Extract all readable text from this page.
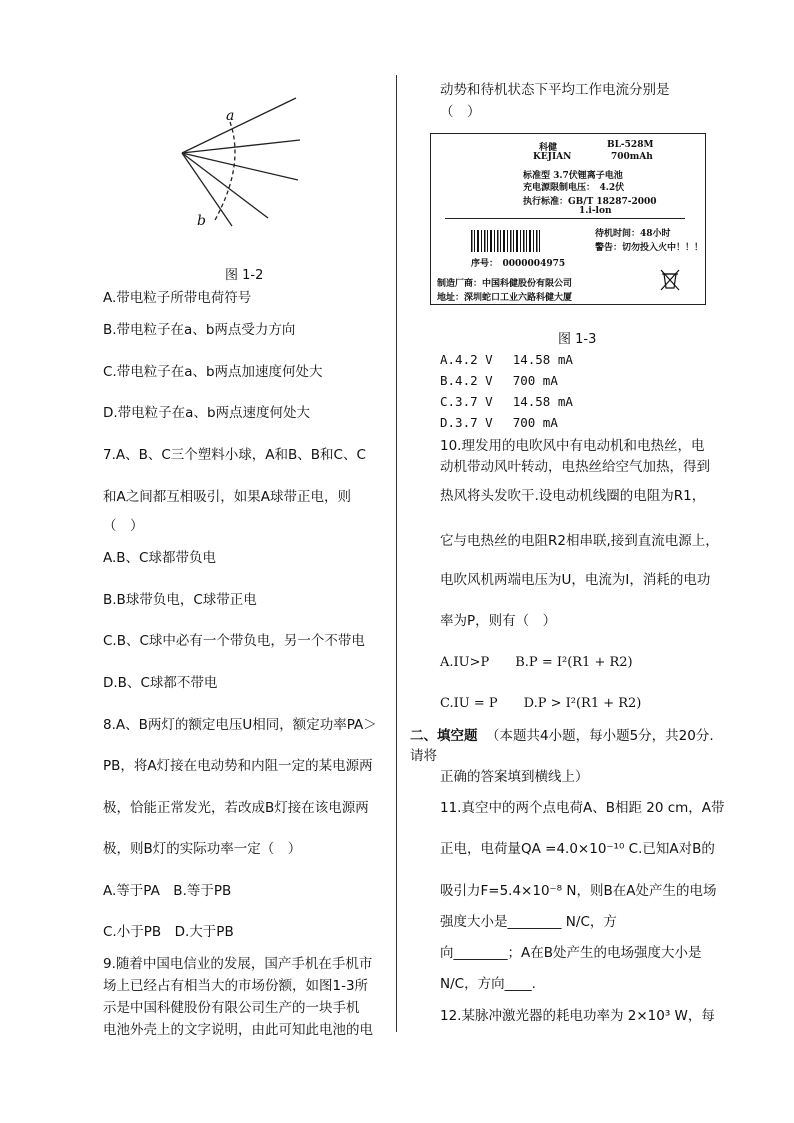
a
b
图 1-2
A.带电粒子所带电荷符号
B.带电粒子在a、b两点受力方向
C.带电粒子在a、b两点加速度何处大
D.带电粒子在a、b两点速度何处大
7.A、B、C三个塑料小球，A和B、B和C、C
和A之间都互相吸引，如果A球带正电，则
（　）
A.B、C球都带负电
B.B球带负电，C球带正电
C.B、C球中必有一个带负电，另一个不带电
D.B、C球都不带电
8.A、B两灯的额定电压U相同，额定功率PA＞
PB，将A灯接在电动势和内阻一定的某电源两
极，恰能正常发光，若改成B灯接在该电源两
极，则B灯的实际功率一定（　）
A.等于PA　B.等于PB
C.小于PB　D.大于PB
9.随着中国电信业的发展，国产手机在手机市
场上已经占有相当大的市场份额，如图1-3所
示是中国科健股份有限公司生产的一块手机
电池外壳上的文字说明，由此可知此电池的电
动势和待机状态下平均工作电流分别是
（　）
科健
KEJIAN
BL-528M
700mAh
标准型 3.7伏锂离子电池
充电源限制电压：　4.2伏
执行标准：GB/T 18287-2000
1.i-lon
待机时间：48小时
警告：切勿投入火中！！！
序号：　0000004975
制造厂商：中国科健股份有限公司
地址：深圳蛇口工业六路科健大厦
图 1-3
A.4.2 V　 14.58 mA
B.4.2 V　 700 mA
C.3.7 V　 14.58 mA
D.3.7 V　 700 mA
10.理发用的电吹风中有电动机和电热丝，电
动机带动风叶转动，电热丝给空气加热，得到
热风将头发吹干.设电动机线圈的电阻为R1，
它与电热丝的电阻R2相串联,接到直流电源上，
电吹风机两端电压为U，电流为I，消耗的电功
率为P，则有（　）
A.IU>P　　B.P = I²(R1 + R2)
C.IU = P　　D.P > I²(R1 + R2)
二、填空题 （本题共4小题，每小题5分，共20分.
请将
正确的答案填到横线上）
11.真空中的两个点电荷A、B相距 20 cm，A带
正电，电荷量QA =4.0×10⁻¹⁰ C.已知A对B的
吸引力F=5.4×10⁻⁸ N，则B在A处产生的电场
强度大小是________ N/C，方
向________；A在B处产生的电场强度大小是
N/C，方向____.
12.某脉冲激光器的耗电功率为 2×10³ W，每
